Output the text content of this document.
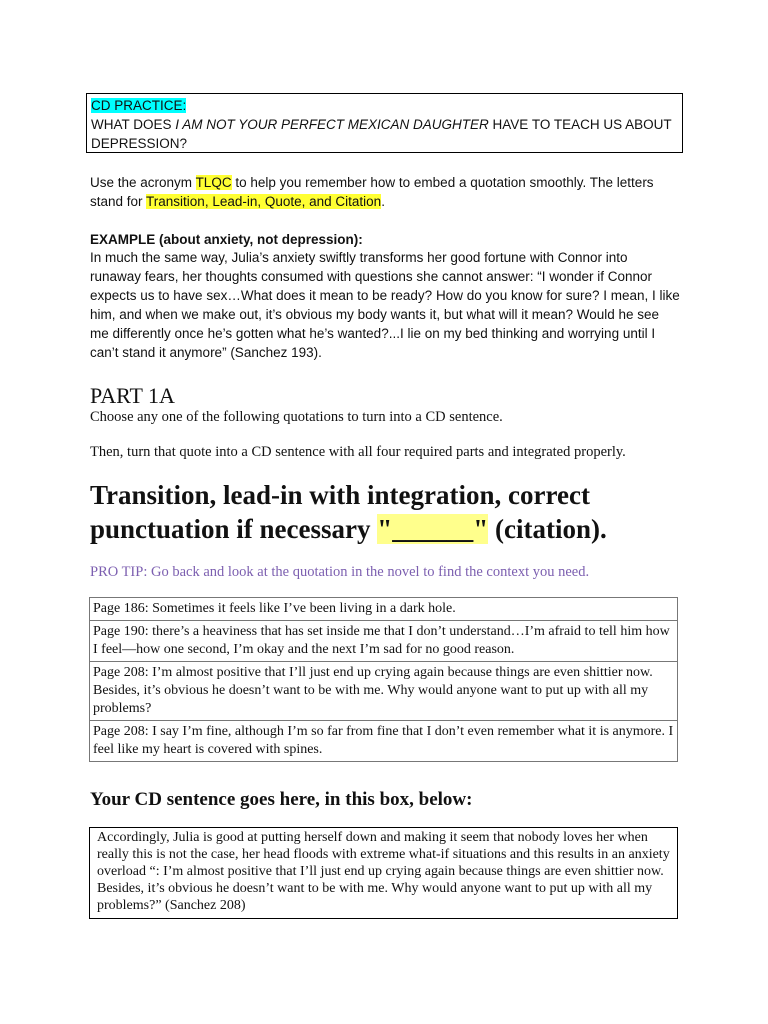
CD PRACTICE:
WHAT DOES I AM NOT YOUR PERFECT MEXICAN DAUGHTER HAVE TO TEACH US ABOUT DEPRESSION?
Use the acronym TLQC to help you remember how to embed a quotation smoothly. The letters stand for Transition, Lead-in, Quote, and Citation.
EXAMPLE (about anxiety, not depression):
In much the same way, Julia’s anxiety swiftly transforms her good fortune with Connor into runaway fears, her thoughts consumed with questions she cannot answer: “I wonder if Connor expects us to have sex…What does it mean to be ready? How do you know for sure? I mean, I like him, and when we make out, it’s obvious my body wants it, but what will it mean? Would he see me differently once he’s gotten what he’s wanted?...I lie on my bed thinking and worrying until I can’t stand it anymore” (Sanchez 193).
PART 1A
Choose any one of the following quotations to turn into a CD sentence.
Then, turn that quote into a CD sentence with all four required parts and integrated properly.
Transition, lead-in with integration, correct punctuation if necessary "______" (citation).
PRO TIP: Go back and look at the quotation in the novel to find the context you need.
Page 186: Sometimes it feels like I’ve been living in a dark hole.
Page 190: there’s a heaviness that has set inside me that I don’t understand…I’m afraid to tell him how I feel—how one second, I’m okay and the next I’m sad for no good reason.
Page 208: I’m almost positive that I’ll just end up crying again because things are even shittier now. Besides, it’s obvious he doesn’t want to be with me. Why would anyone want to put up with all my problems?
Page 208: I say I’m fine, although I’m so far from fine that I don’t even remember what it is anymore. I feel like my heart is covered with spines.
Your CD sentence goes here, in this box, below:
Accordingly, Julia is good at putting herself down and making it seem that nobody loves her when really this is not the case, her head floods with extreme what-if situations and this results in an anxiety overload “: I’m almost positive that I’ll just end up crying again because things are even shittier now. Besides, it’s obvious he doesn’t want to be with me. Why would anyone want to put up with all my problems?” (Sanchez 208)
